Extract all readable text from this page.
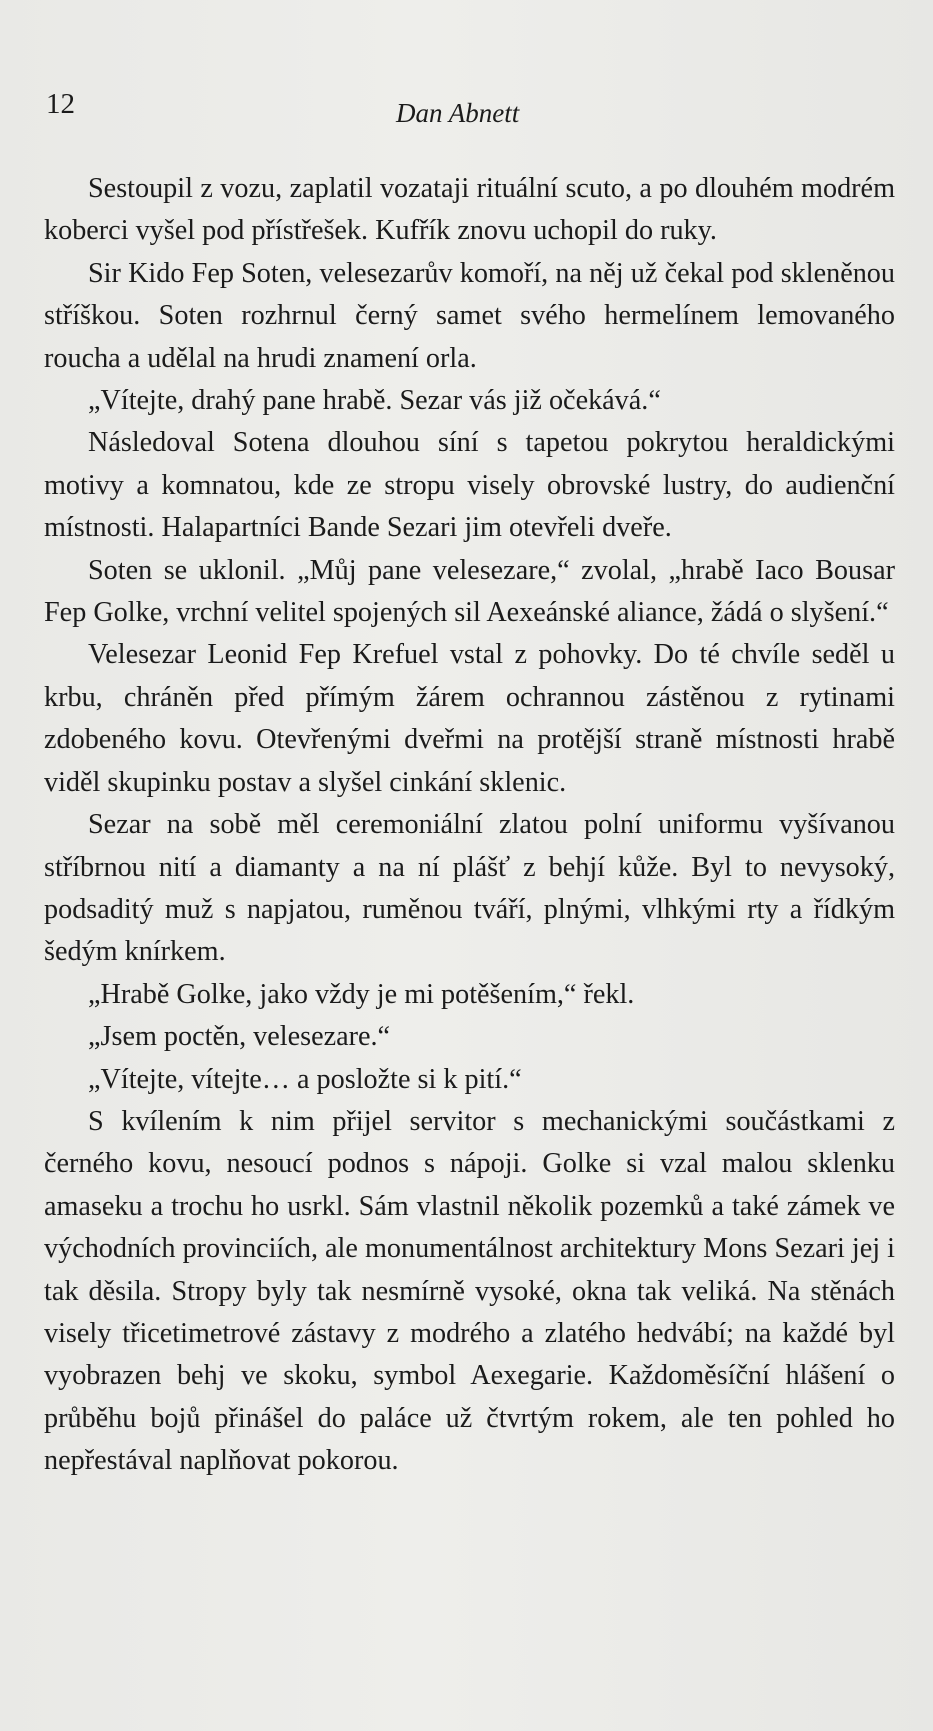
12	Dan Abnett

Sestoupil z vozu, zaplatil vozataji rituální scuto, a po dlouhém modrém koberci vyšel pod přístřešek. Kufřík znovu uchopil do ruky.

Sir Kido Fep Soten, velesezarův komoří, na něj už čekal pod skleněnou stříškou. Soten rozhrnul černý samet svého hermelínem lemovaného roucha a udělal na hrudi znamení orla.

„Vítejte, drahý pane hrabě. Sezar vás již očekává.“

Následoval Sotena dlouhou síní s tapetou pokrytou heraldickými motivy a komnatou, kde ze stropu visely obrovské lustry, do audienční místnosti. Halapartníci Bande Sezari jim otevřeli dveře.

Soten se uklonil. „Můj pane velesezare,“ zvolal, „hrabě Iaco Bousar Fep Golke, vrchní velitel spojených sil Aexeánské aliance, žádá o slyšení.“

Velesezar Leonid Fep Krefuel vstal z pohovky. Do té chvíle seděl u krbu, chráněn před přímým žárem ochrannou zástěnou z rytinami zdobeného kovu. Otevřenými dveřmi na protější straně místnosti hrabě viděl skupinku postav a slyšel cinkání sklenic.

Sezar na sobě měl ceremoniální zlatou polní uniformu vyšívanou stříbrnou nití a diamanty a na ní plášť z behjí kůže. Byl to nevysoký, podsaditý muž s napjatou, ruměnou tváří, plnými, vlhkými rty a řídkým šedým knírkem.

„Hrabě Golke, jako vždy je mi potěšením,“ řekl.

„Jsem poctěn, velesezare.“

„Vítejte, vítejte… a posložte si k pití.“

S kvílením k nim přijel servitor s mechanickými součástkami z černého kovu, nesoucí podnos s nápoji. Golke si vzal malou sklenku amaseku a trochu ho usrkl. Sám vlastnil několik pozemků a také zámek ve východních provinciích, ale monumentálnost architektury Mons Sezari jej i tak děsila. Stropy byly tak nesmírně vysoké, okna tak veliká. Na stěnách visely třicetimetrové zástavy z modrého a zlatého hedvábí; na každé byl vyobrazen behj ve skoku, symbol Aexegarie. Každoměsíční hlášení o průběhu bojů přinášel do paláce už čtvrtým rokem, ale ten pohled ho nepřestával naplňovat pokorou.
